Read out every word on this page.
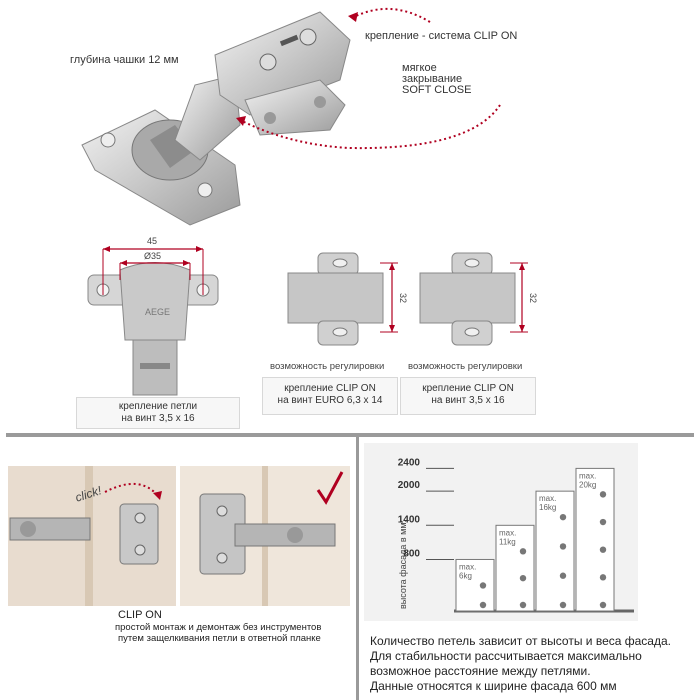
глубина чашки 12 мм
крепление - система CLIP ON
мягкое
закрывание
SOFT CLOSE
45
Ø35
AEGE
32	32
возможность регулировки возможность регулировки
крепление петли
на винт 3,5 х 16
крепление CLIP ON
на винт EURO 6,3 х 14
крепление CLIP ON
на винт 3,5 х 16
click!
CLIP ON
простой монтаж и демонтаж без инструментов
путем защелкивания петли в ответной планке
2400
2000
1400
800
высота фасада в мм:	max.
6kg
max.
11kg
max.
16kg
max.
20kg
Количество петель зависит от высоты и веса фасада.
Для стабильности рассчитывается максимально
возможное расстояние между петлями.
Данные относятся к ширине фасада 600 мм
